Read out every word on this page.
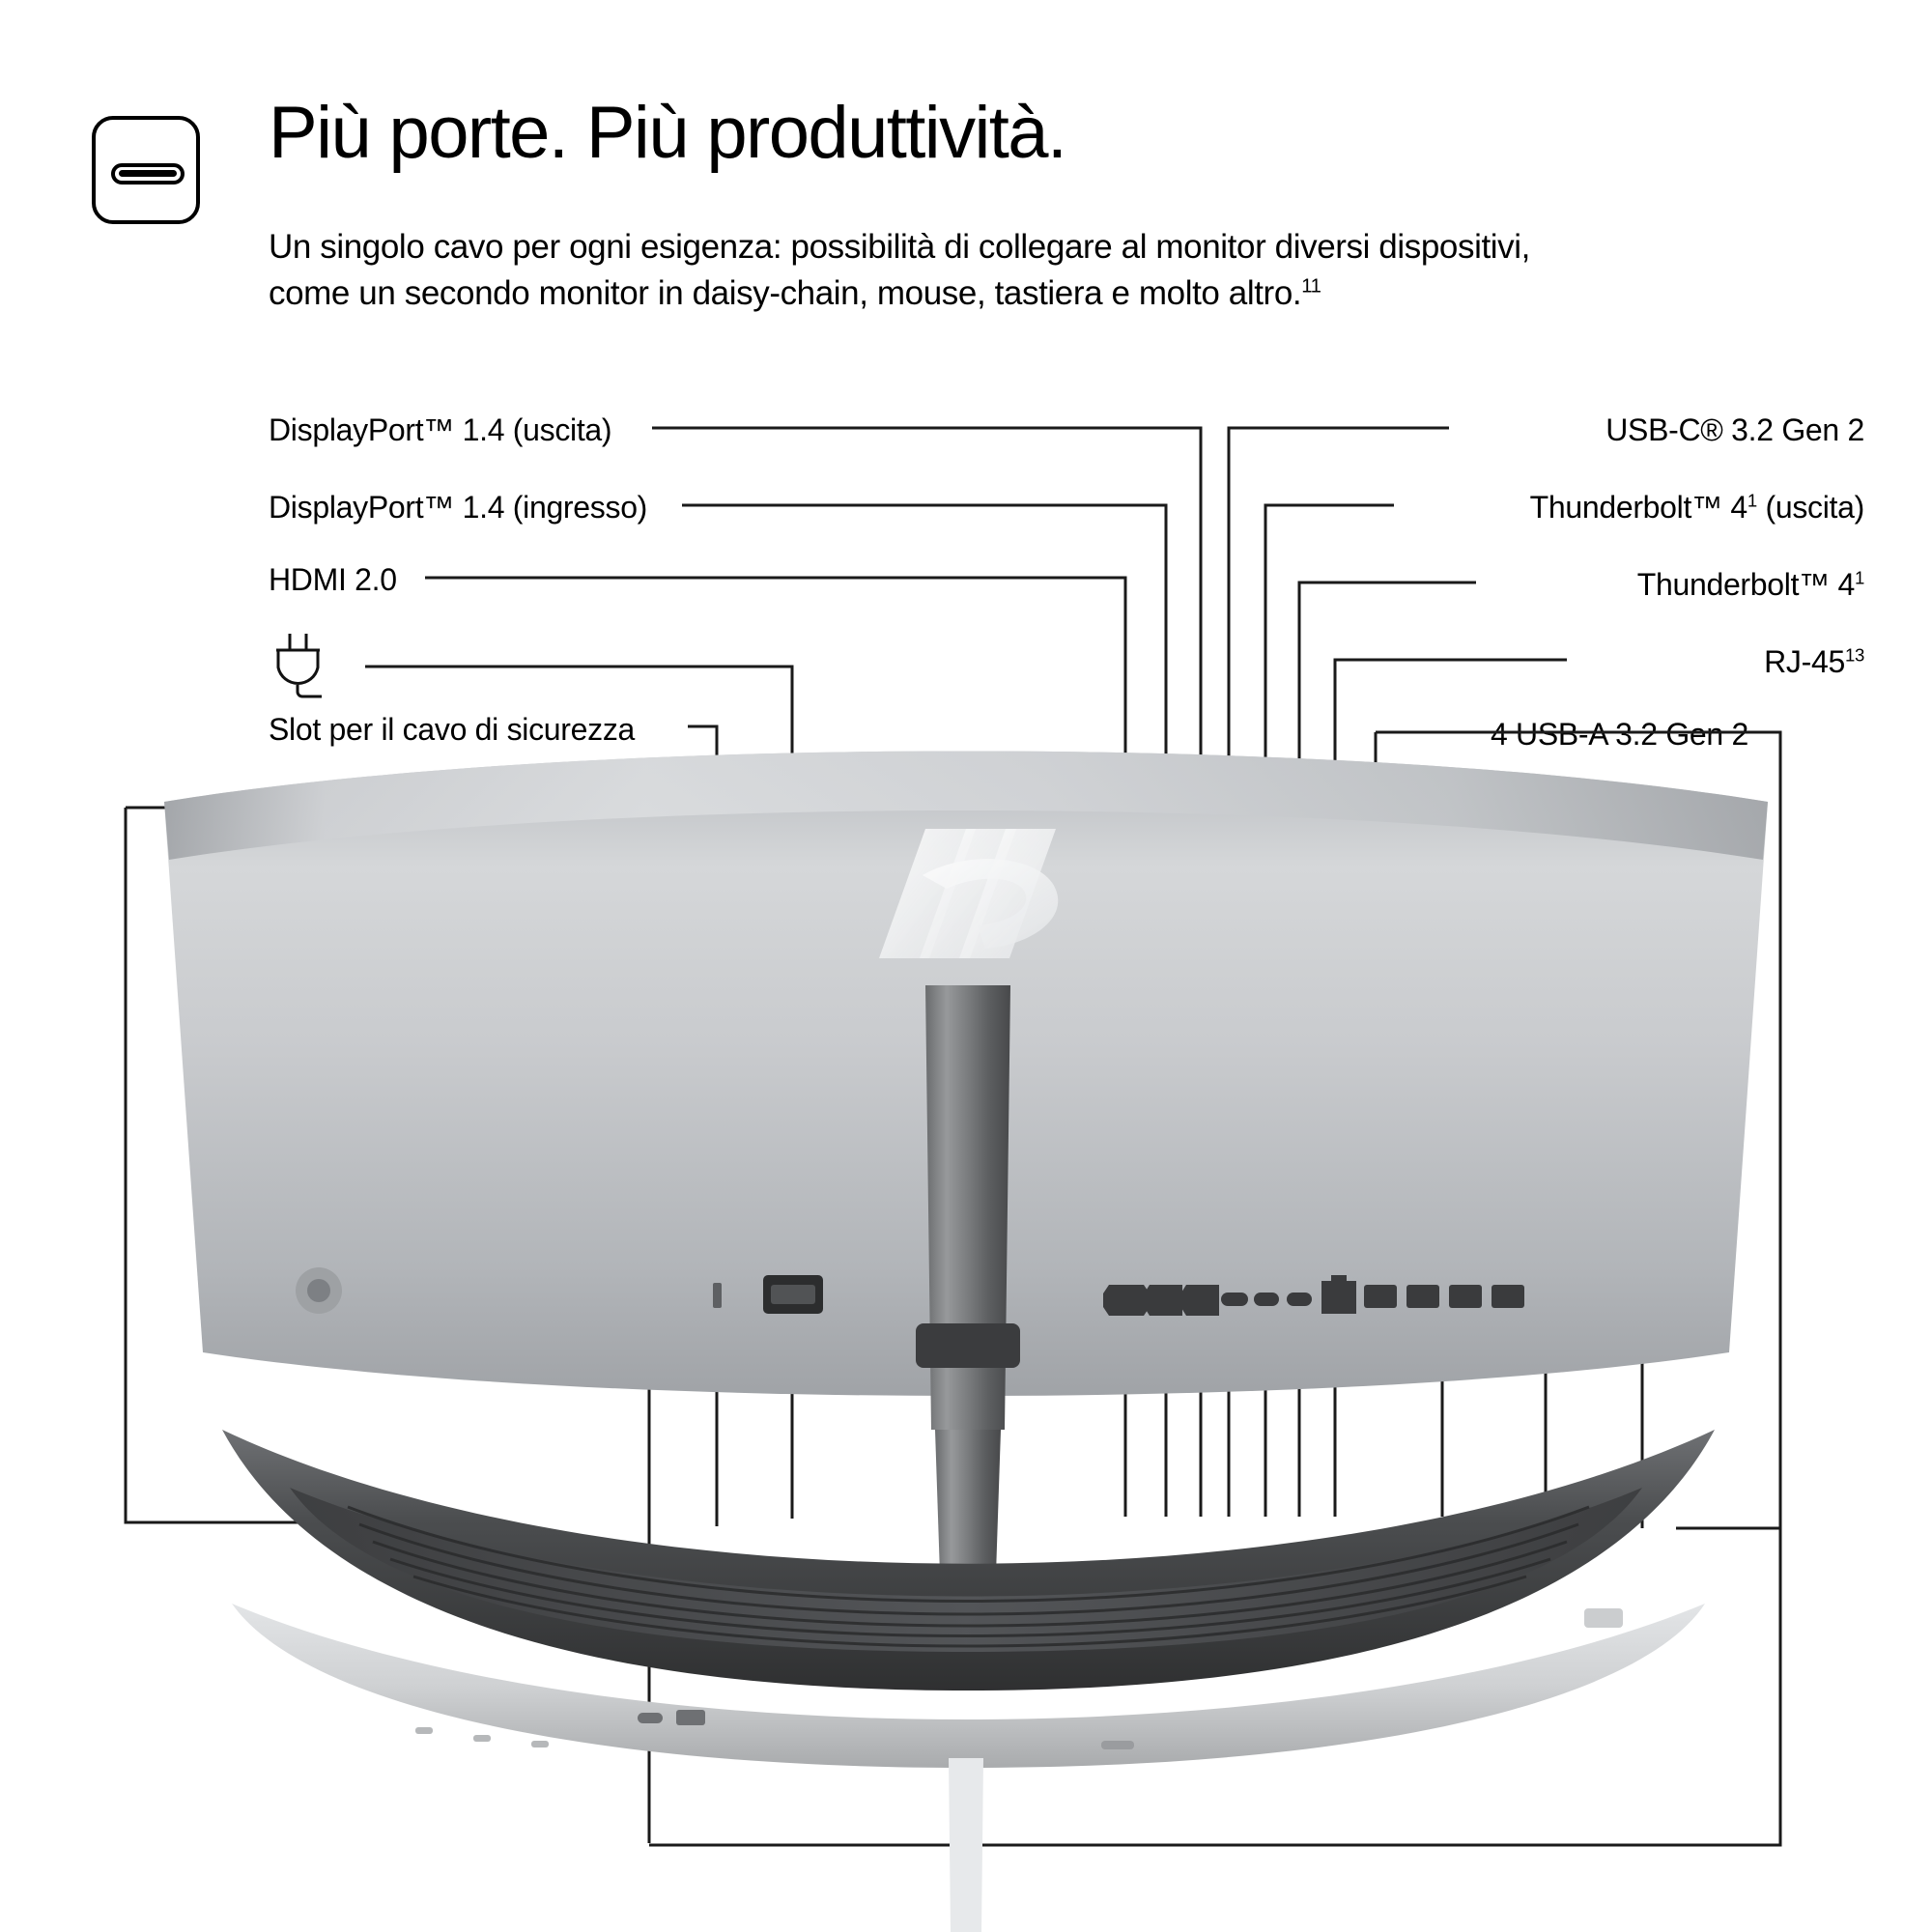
Più porte. Più produttività.
Un singolo cavo per ogni esigenza: possibilità di collegare al monitor diversi dispositivi,
come un secondo monitor in daisy-chain, mouse, tastiera e molto altro.$^{11}$
DisplayPort™ 1.4 (uscita)
DisplayPort™ 1.4 (ingresso)
HDMI 2.0
Slot per il cavo di sicurezza
USB-C® 3.2 Gen 2
Thunderbolt™ $4^1$ (uscita)
Thunderbolt™ $4^1$
$RJ-45^{13}$
4 USB-A 3.2 Gen 2
